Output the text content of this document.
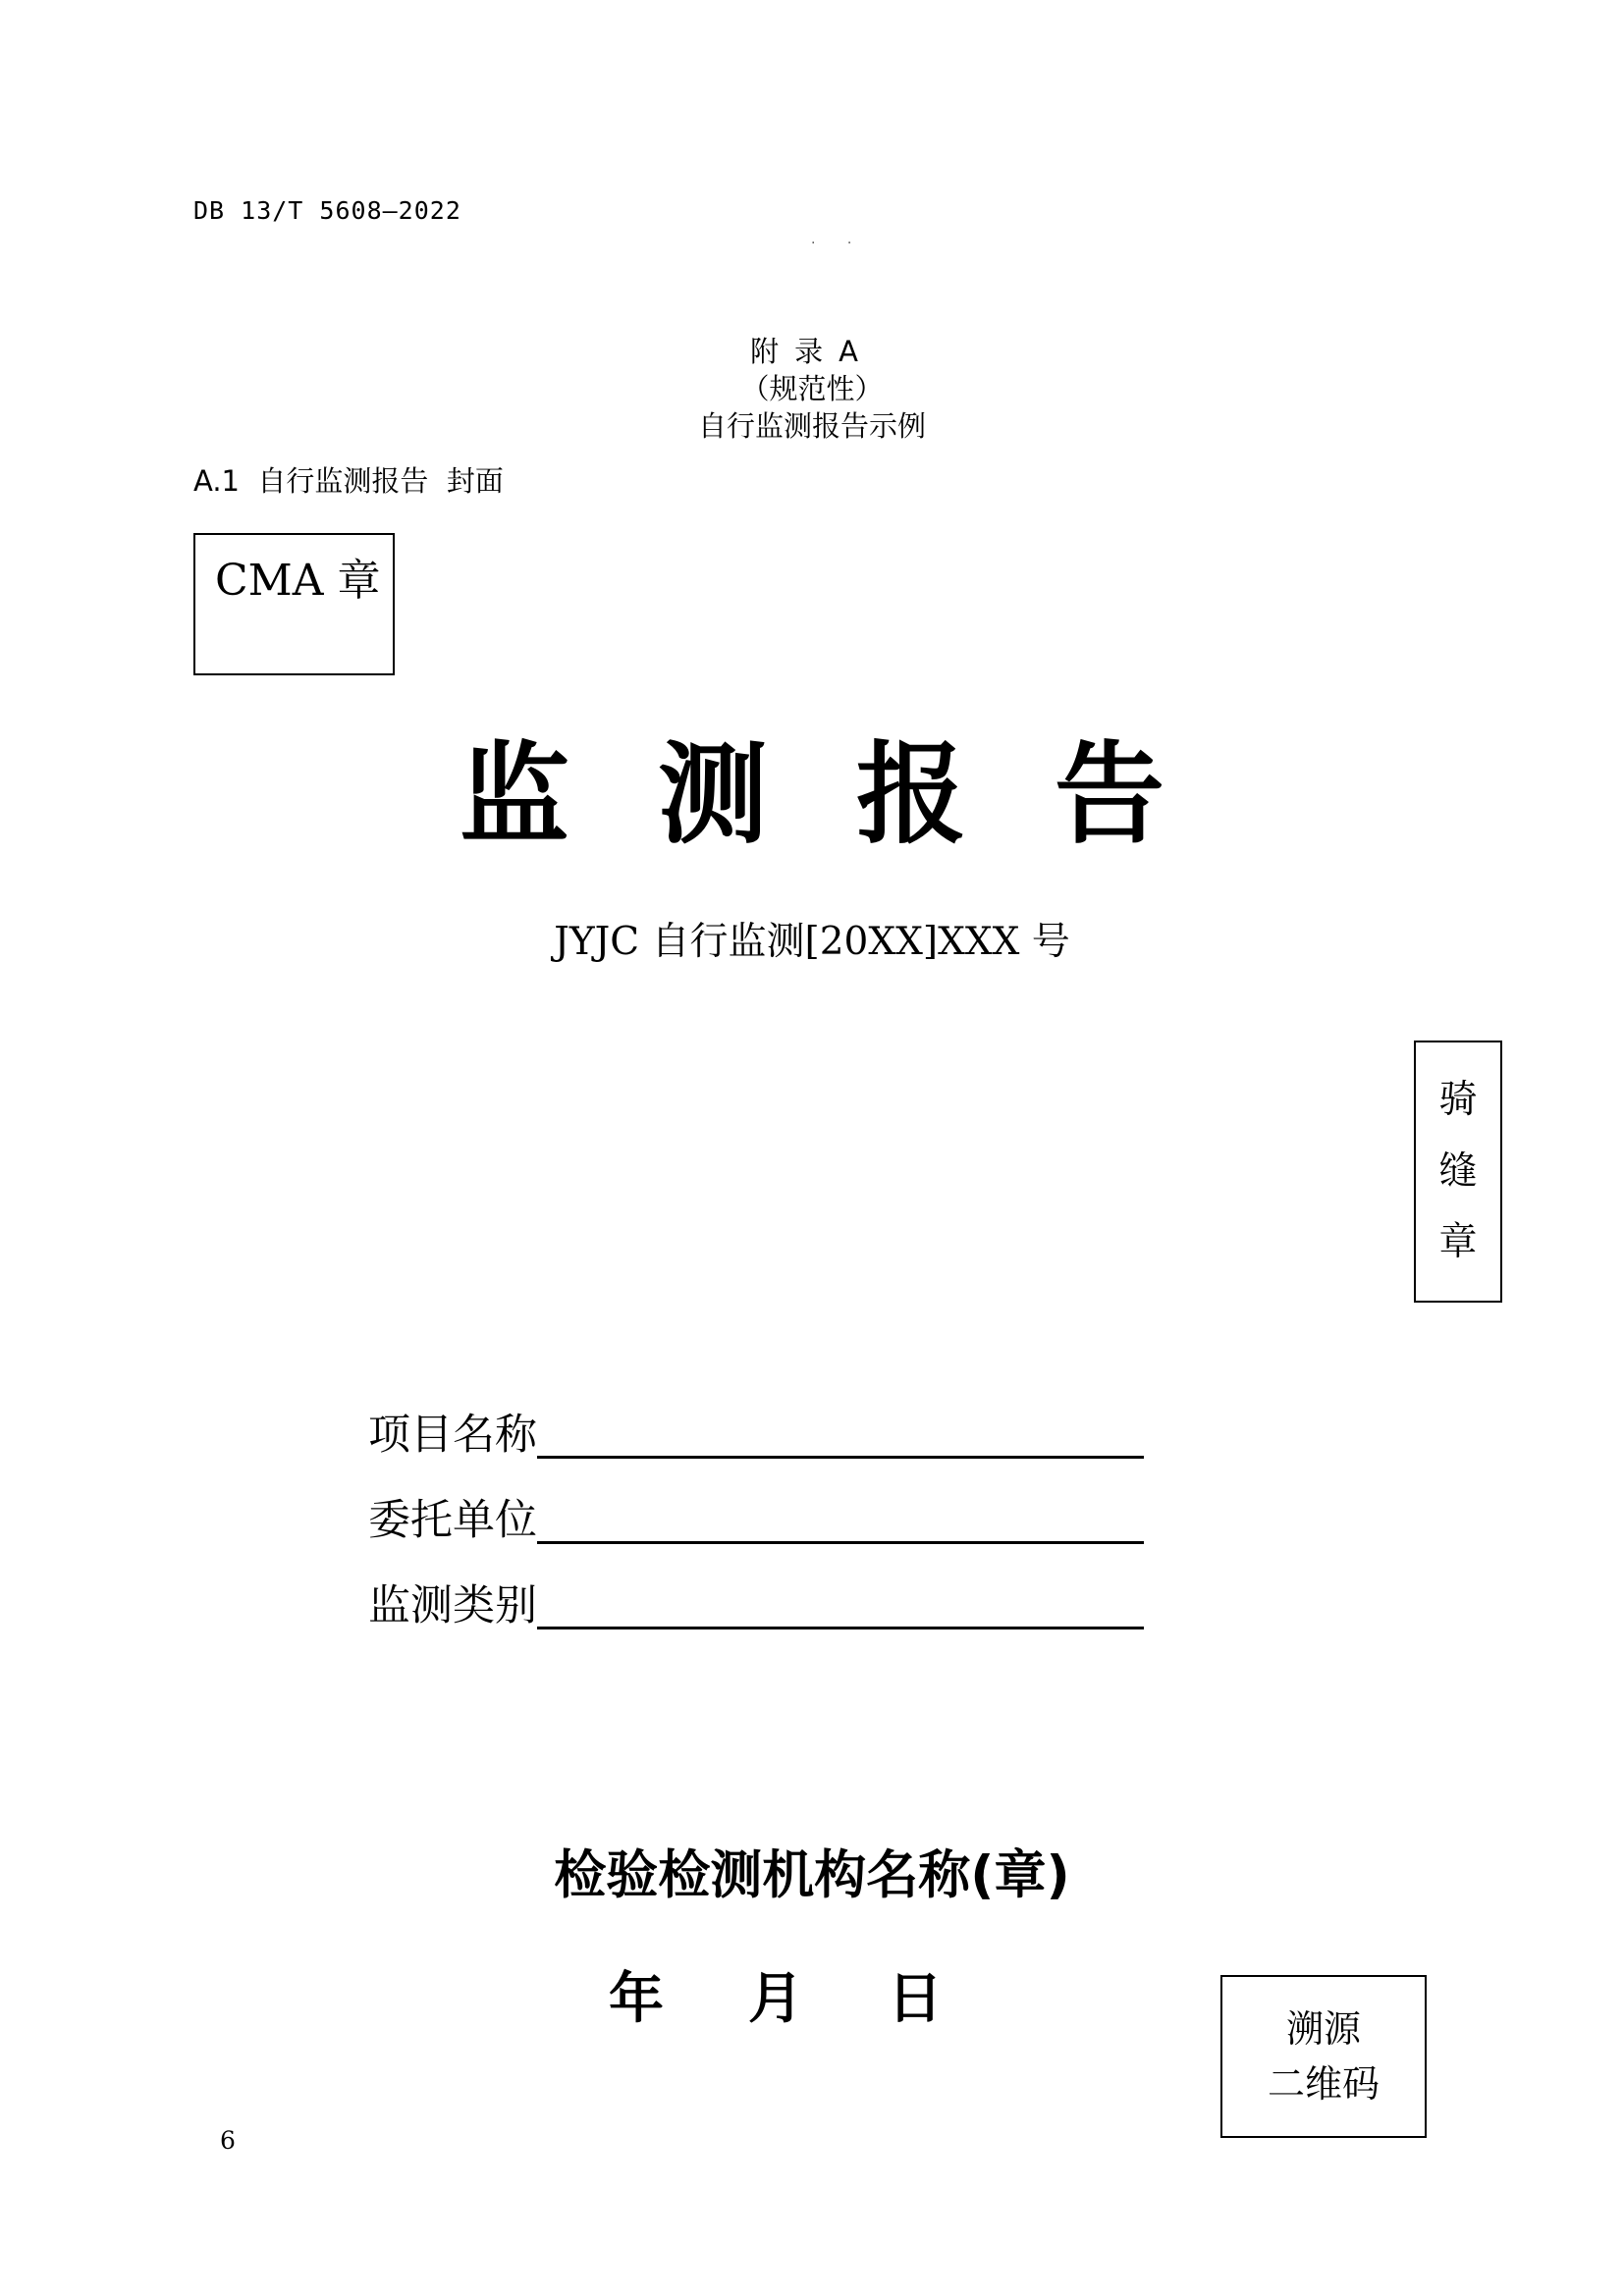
DB 13/T 5608—2022
· ·
附录A
（规范性）
自行监测报告示例
A.1  自行监测报告  封面
CMA 章
监 测 报 告
JYJC 自行监测[20XX]XXX 号
骑
缝
章
项目名称
委托单位
监测类别
检验检测机构名称(章)
年	月	日	溯源
二维码
6
